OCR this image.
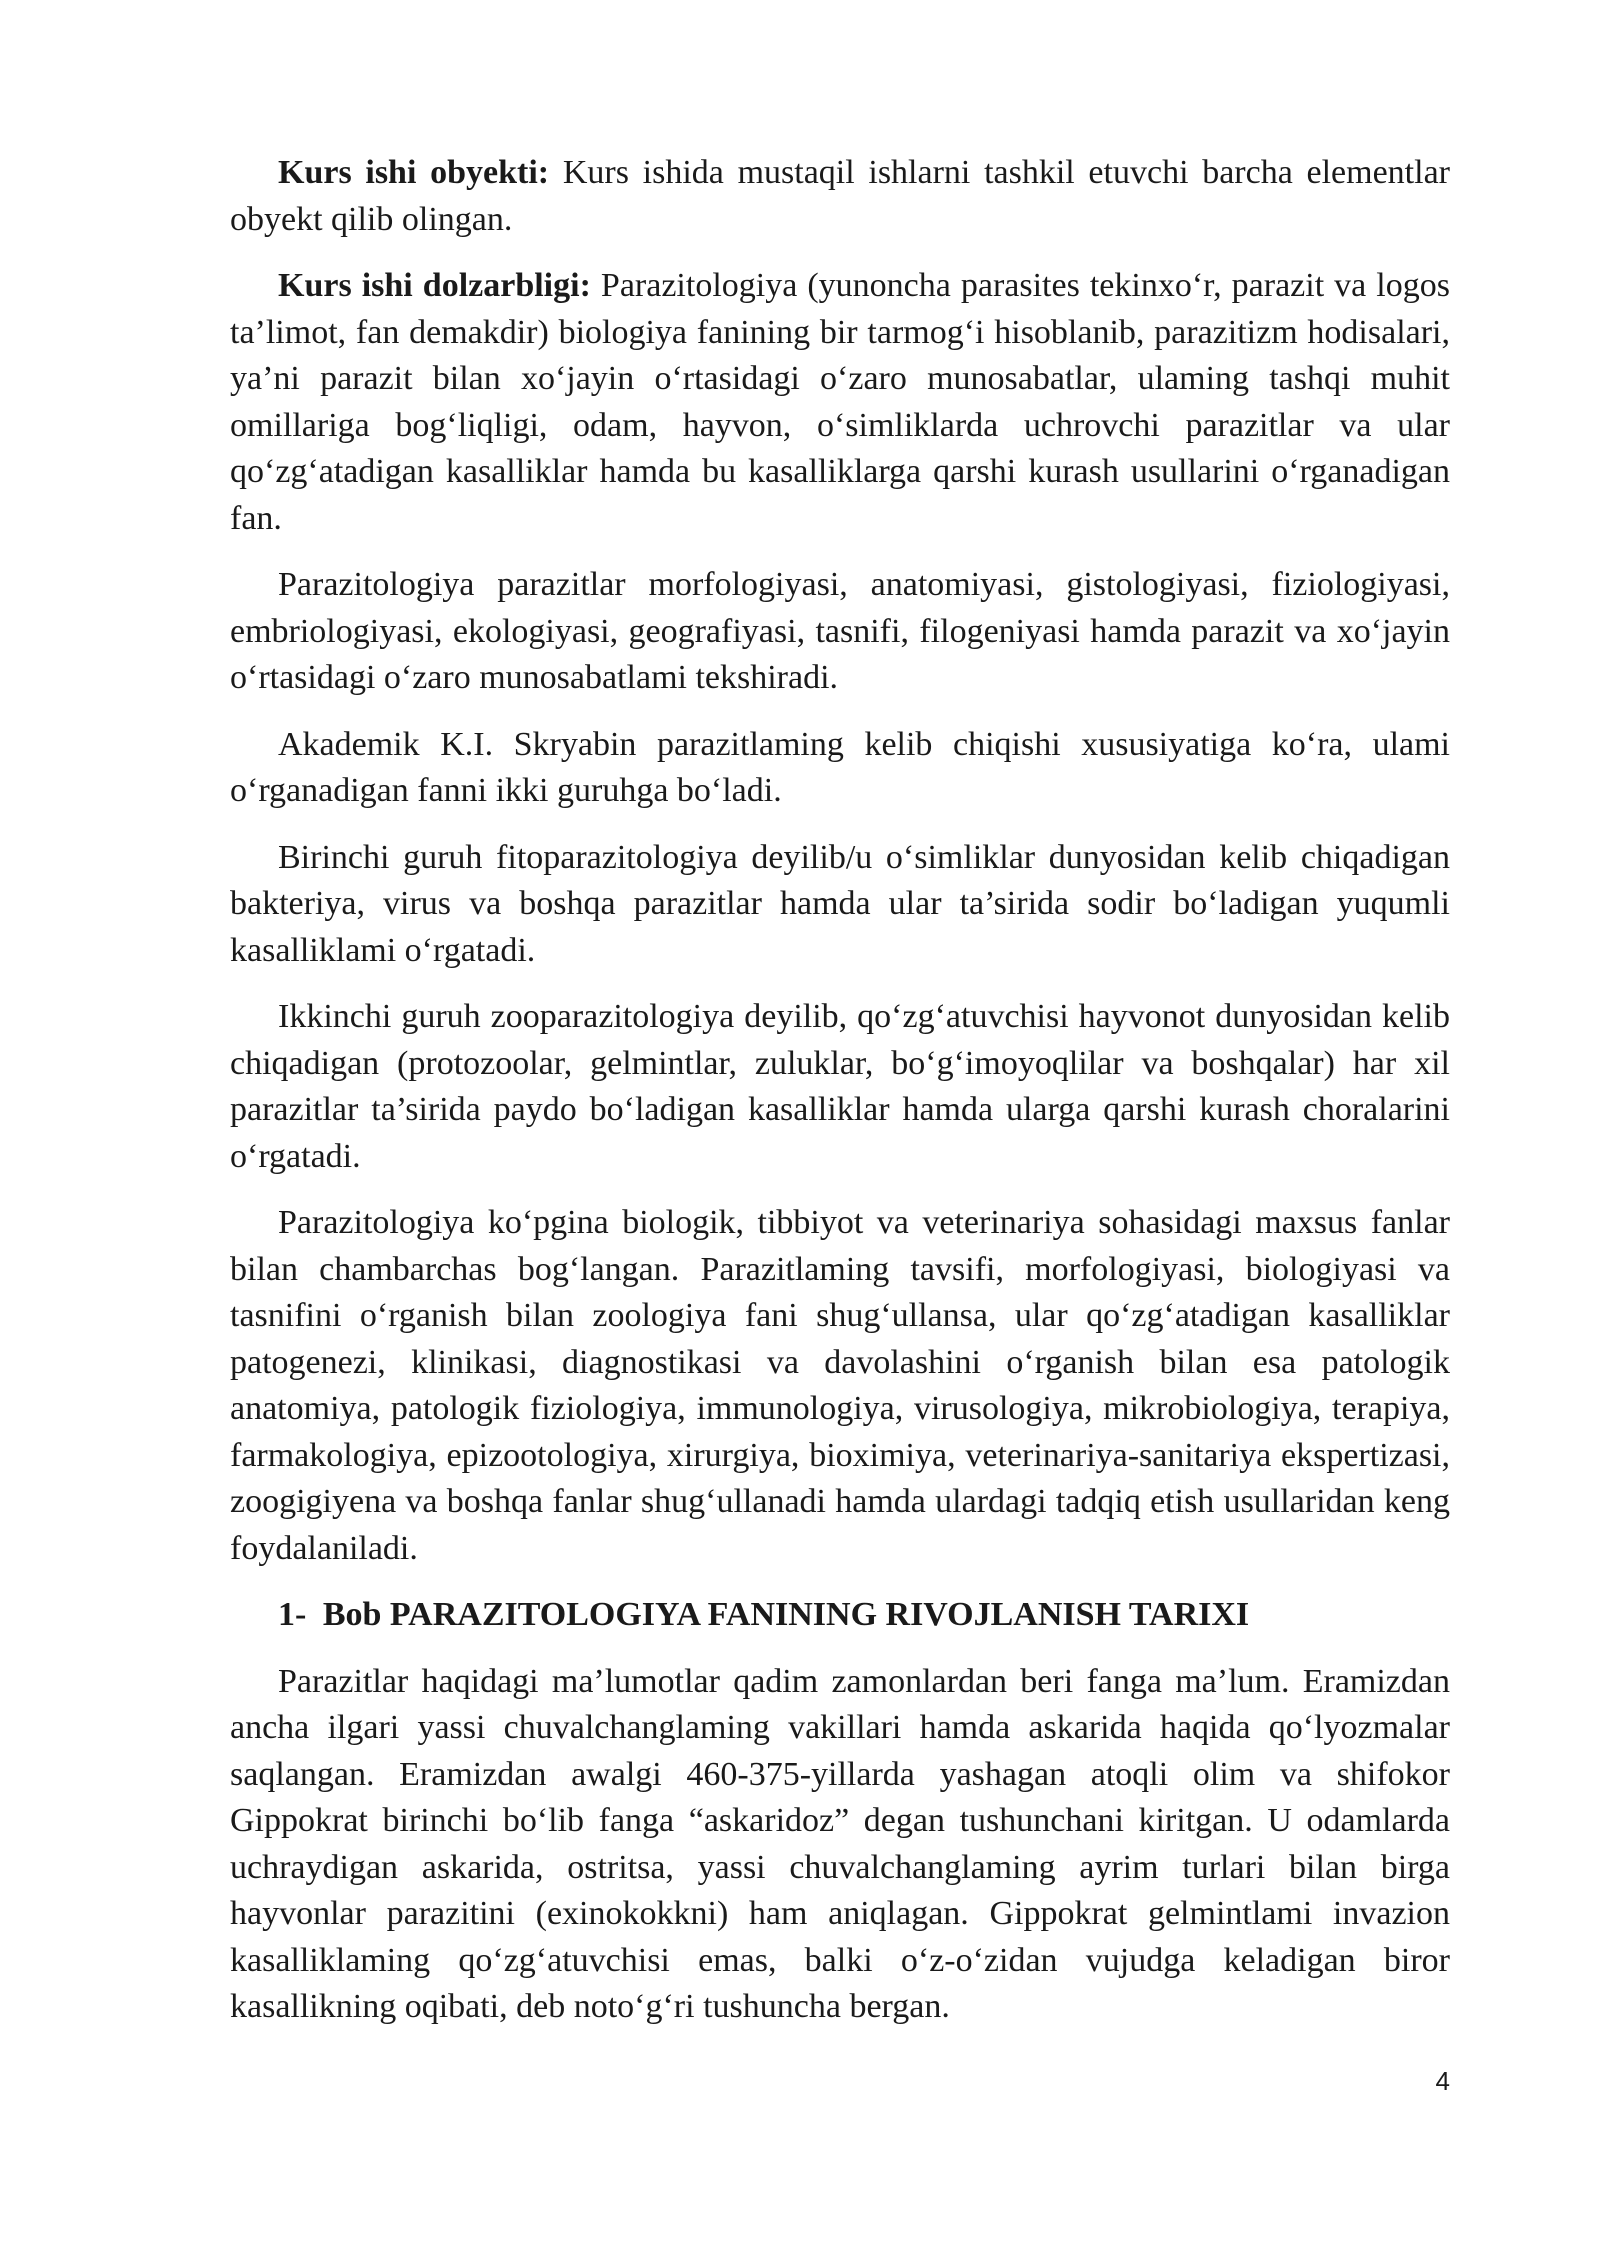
Kurs ishi obyekti: Kurs ishida mustaqil ishlarni tashkil etuvchi barcha elementlar obyekt qilib olingan.

Kurs ishi dolzarbligi: Parazitologiya (yunoncha parasites tekinxo‘r, parazit va logos ta’limot, fan demakdir) biologiya fanining bir tarmog‘i hisoblanib, parazitizm hodisalari, ya’ni parazit bilan xo‘jayin o‘rtasidagi o‘zaro munosabatlar, ulaming tashqi muhit omillariga bog‘liqligi, odam, hayvon, o‘simliklarda uchrovchi parazitlar va ular qo‘zg‘atadigan kasalliklar hamda bu kasalliklarga qarshi kurash usullarini o‘rganadigan fan.

Parazitologiya parazitlar morfologiyasi, anatomiyasi, gistologiyasi, fiziologiyasi, embriologiyasi, ekologiyasi, geografiyasi, tasnifi, filogeniyasi hamda parazit va xo‘jayin o‘rtasidagi o‘zaro munosabatlami tekshiradi.

Akademik K.I. Skryabin parazitlaming kelib chiqishi xususiyatiga ko‘ra, ulami o‘rganadigan fanni ikki guruhga bo‘ladi.

Birinchi guruh fitoparazitologiya deyilib/u o‘simliklar dunyosidan kelib chiqadigan bakteriya, virus va boshqa parazitlar hamda ular ta’sirida sodir bo‘ladigan yuqumli kasalliklami o‘rgatadi.

Ikkinchi guruh zooparazitologiya deyilib, qo‘zg‘atuvchisi hayvonot dunyosidan kelib chiqadigan (protozoolar, gelmintlar, zuluklar, bo‘g‘imoyoqlilar va boshqalar) har xil parazitlar ta’sirida paydo bo‘ladigan kasalliklar hamda ularga qarshi kurash choralarini o‘rgatadi.

Parazitologiya ko‘pgina biologik, tibbiyot va veterinariya sohasidagi maxsus fanlar bilan chambarchas bog‘langan. Parazitlaming tavsifi, morfologiyasi, biologiyasi va tasnifini o‘rganish bilan zoologiya fani shug‘ullansa, ular qo‘zg‘atadigan kasalliklar patogenezi, klinikasi, diagnostikasi va davolashini o‘rganish bilan esa patologik anatomiya, patologik fiziologiya, immunologiya, virusologiya, mikrobiologiya, terapiya, farmakologiya, epizootologiya, xirurgiya, bioximiya, veterinariya-sanitariya ekspertizasi, zoogigiyena va boshqa fanlar shug‘ullanadi hamda ulardagi tadqiq etish usullaridan keng foydalaniladi.

1- Bob PARAZITOLOGIYA FANINING RIVOJLANISH TARIXI

Parazitlar haqidagi ma’lumotlar qadim zamonlardan beri fanga ma’lum. Eramizdan ancha ilgari yassi chuvalchanglaming vakillari hamda askarida haqida qo‘lyozmalar saqlangan. Eramizdan awalgi 460-375-yillarda yashagan atoqli olim va shifokor Gippokrat birinchi bo‘lib fanga “askaridoz” degan tushunchani kiritgan. U odamlarda uchraydigan askarida, ostritsa, yassi chuvalchanglaming ayrim turlari bilan birga hayvonlar parazitini (exinokokkni) ham aniqlagan. Gippokrat gelmintlami invazion kasalliklaming qo‘zg‘atuvchisi emas, balki o‘z-o‘zidan vujudga keladigan biror kasallikning oqibati, deb noto‘g‘ri tushuncha bergan.

4
